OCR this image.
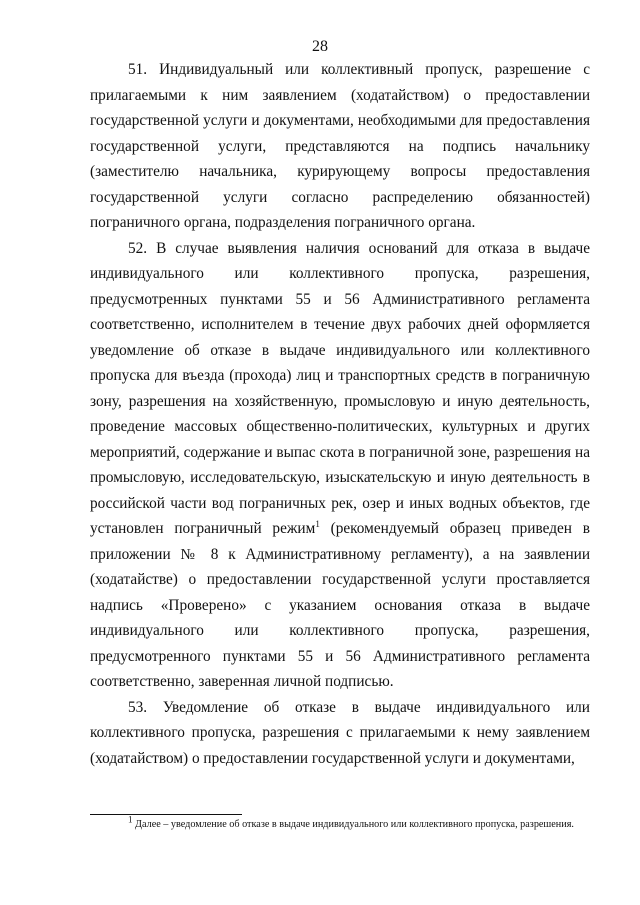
28

51. Индивидуальный или коллективный пропуск, разрешение с прилагаемыми к ним заявлением (ходатайством) о предоставлении государственной услуги и документами, необходимыми для предоставления государственной услуги, представляются на подпись начальнику (заместителю начальника, курирующему вопросы предоставления государственной услуги согласно распределению обязанностей) пограничного органа, подразделения пограничного органа.

52. В случае выявления наличия оснований для отказа в выдаче индивидуального или коллективного пропуска, разрешения, предусмотренных пунктами 55 и 56 Административного регламента соответственно, исполнителем в течение двух рабочих дней оформляется уведомление об отказе в выдаче индивидуального или коллективного пропуска для въезда (прохода) лиц и транспортных средств в пограничную зону, разрешения на хозяйственную, промысловую и иную деятельность, проведение массовых общественно-политических, культурных и других мероприятий, содержание и выпас скота в пограничной зоне, разрешения на промысловую, исследовательскую, изыскательскую и иную деятельность в российской части вод пограничных рек, озер и иных водных объектов, где установлен пограничный режим$^1$ (рекомендуемый образец приведен в приложении № 8 к Административному регламенту), а на заявлении (ходатайстве) о предоставлении государственной услуги проставляется надпись «Проверено» с указанием основания отказа в выдаче индивидуального или коллективного пропуска, разрешения, предусмотренного пунктами 55 и 56 Административного регламента соответственно, заверенная личной подписью.

53. Уведомление об отказе в выдаче индивидуального или коллективного пропуска, разрешения с прилагаемыми к нему заявлением (ходатайством) о предоставлении государственной услуги и документами,

$^1$ Далее – уведомление об отказе в выдаче индивидуального или коллективного пропуска, разрешения.
